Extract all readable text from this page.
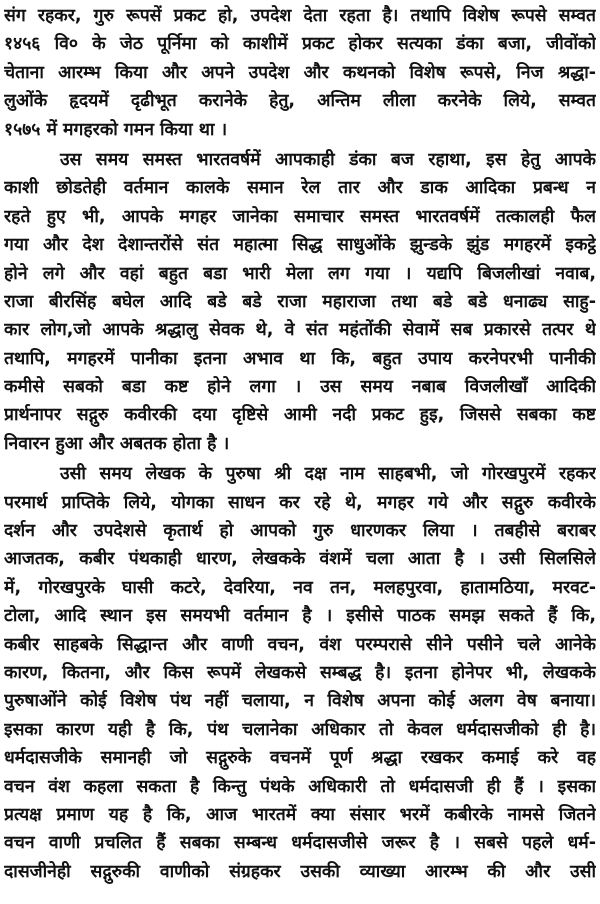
संग रहकर, गुरु रूपसें प्रकट हो, उपदेश देता रहता है। तथापि विशेष रूपसे सम्वत
१४५६ वि० के जेठ पूर्निमा को काशीमें प्रकट होकर सत्यका डंका बजा, जीवोंको
चेताना आरम्भ किया और अपने उपदेश और कथनको विशेष रूपसे, निज श्रद्धा-
लुओंके हृदयमें दृढीभूत करानेके हेतु, अन्तिम लीला करनेके लिये, सम्वत
१५७५ में मगहरको गमन किया था ।
उस समय समस्त भारतवर्षमें आपकाही डंका बज रहाथा, इस हेतु आपके
काशी छोडतेही वर्तमान कालके समान रेल तार और डाक आदिका प्रबन्ध न
रहते हुए भी, आपके मगहर जानेका समाचार समस्त भारतवर्षमें तत्कालही फैल
गया और देश देशान्तरोंसे संत महात्मा सिद्ध साधुओंके झुन्डके झुंड मगहरमें इकट्ठे
होने लगे और वहां बहुत बडा भारी मेला लग गया । यद्यपि बिजलीखां नवाब,
राजा बीरसिंह बघेल आदि बडे बडे राजा महाराजा तथा बडे बडे धनाढ्य साहु-
कार लोग,जो आपके श्रद्धालु सेवक थे, वे संत महंतोंकी सेवामें सब प्रकारसे तत्पर थे
तथापि, मगहरमें पानीका इतना अभाव था कि, बहुत उपाय करनेपरभी पानीकी
कमीसे सबको बडा कष्ट होने लगा । उस समय नबाब विजलीखाँ आदिकी
प्रार्थनापर सद्गुरु कवीरकी दया दृष्टिसे आमी नदी प्रकट हुइ, जिससे सबका कष्ट
निवारन हुआ और अबतक होता है ।
उसी समय लेखक के पुरुषा श्री दक्ष नाम साहबभी, जो गोरखपुरमें रहकर
परमार्थ प्राप्तिके लिये, योगका साधन कर रहे थे, मगहर गये और सद्गुरु कवीरके
दर्शन और उपदेशसे कृतार्थ हो आपको गुरु धारणकर लिया । तबहीसे बराबर
आजतक, कबीर पंथकाही धारण, लेखकके वंशमें चला आता है । उसी सिलसिले
में, गोरखपुरके घासी कटरे, देवरिया, नव तन, मलहपुरवा, हाताम‍ठिया, मरवट-
टोला, आदि स्थान इस समयभी वर्तमान है । इसीसे पाठक समझ सकते हैं कि,
कबीर साहबके सिद्धान्त और वाणी वचन, वंश परम्परासे सीने पसीने चले आनेके
कारण, कितना, और किस रूपमें लेखकसे सम्बद्ध है। इतना होनेपर भी, लेखकके
पुरुषाओंने कोई विशेष पंथ नहीं चलाया, न विशेष अपना कोई अलग वेष बनाया।
इसका कारण यही है कि, पंथ चलानेका अधिकार तो केवल धर्मदासजीको ही है।
धर्मदासजीके समानही जो सद्गुरुके वचनमें पूर्ण श्रद्धा रखकर कमाई करे वह
वचन वंश कहला सकता है किन्तु पंथके अधिकारी तो धर्मदासजी ही हैं । इसका
प्रत्यक्ष प्रमाण यह है कि, आज भारतमें क्या संसार भरमें कबीरके नामसे जितने
वचन वाणी प्रचलित हैं सबका सम्बन्ध धर्मदासजीसे जरूर है । सबसे पहले धर्म-
दासजीनेही सद्गुरुकी वाणीको संग्रहकर उसकी व्याख्या आरम्भ की और उसी
